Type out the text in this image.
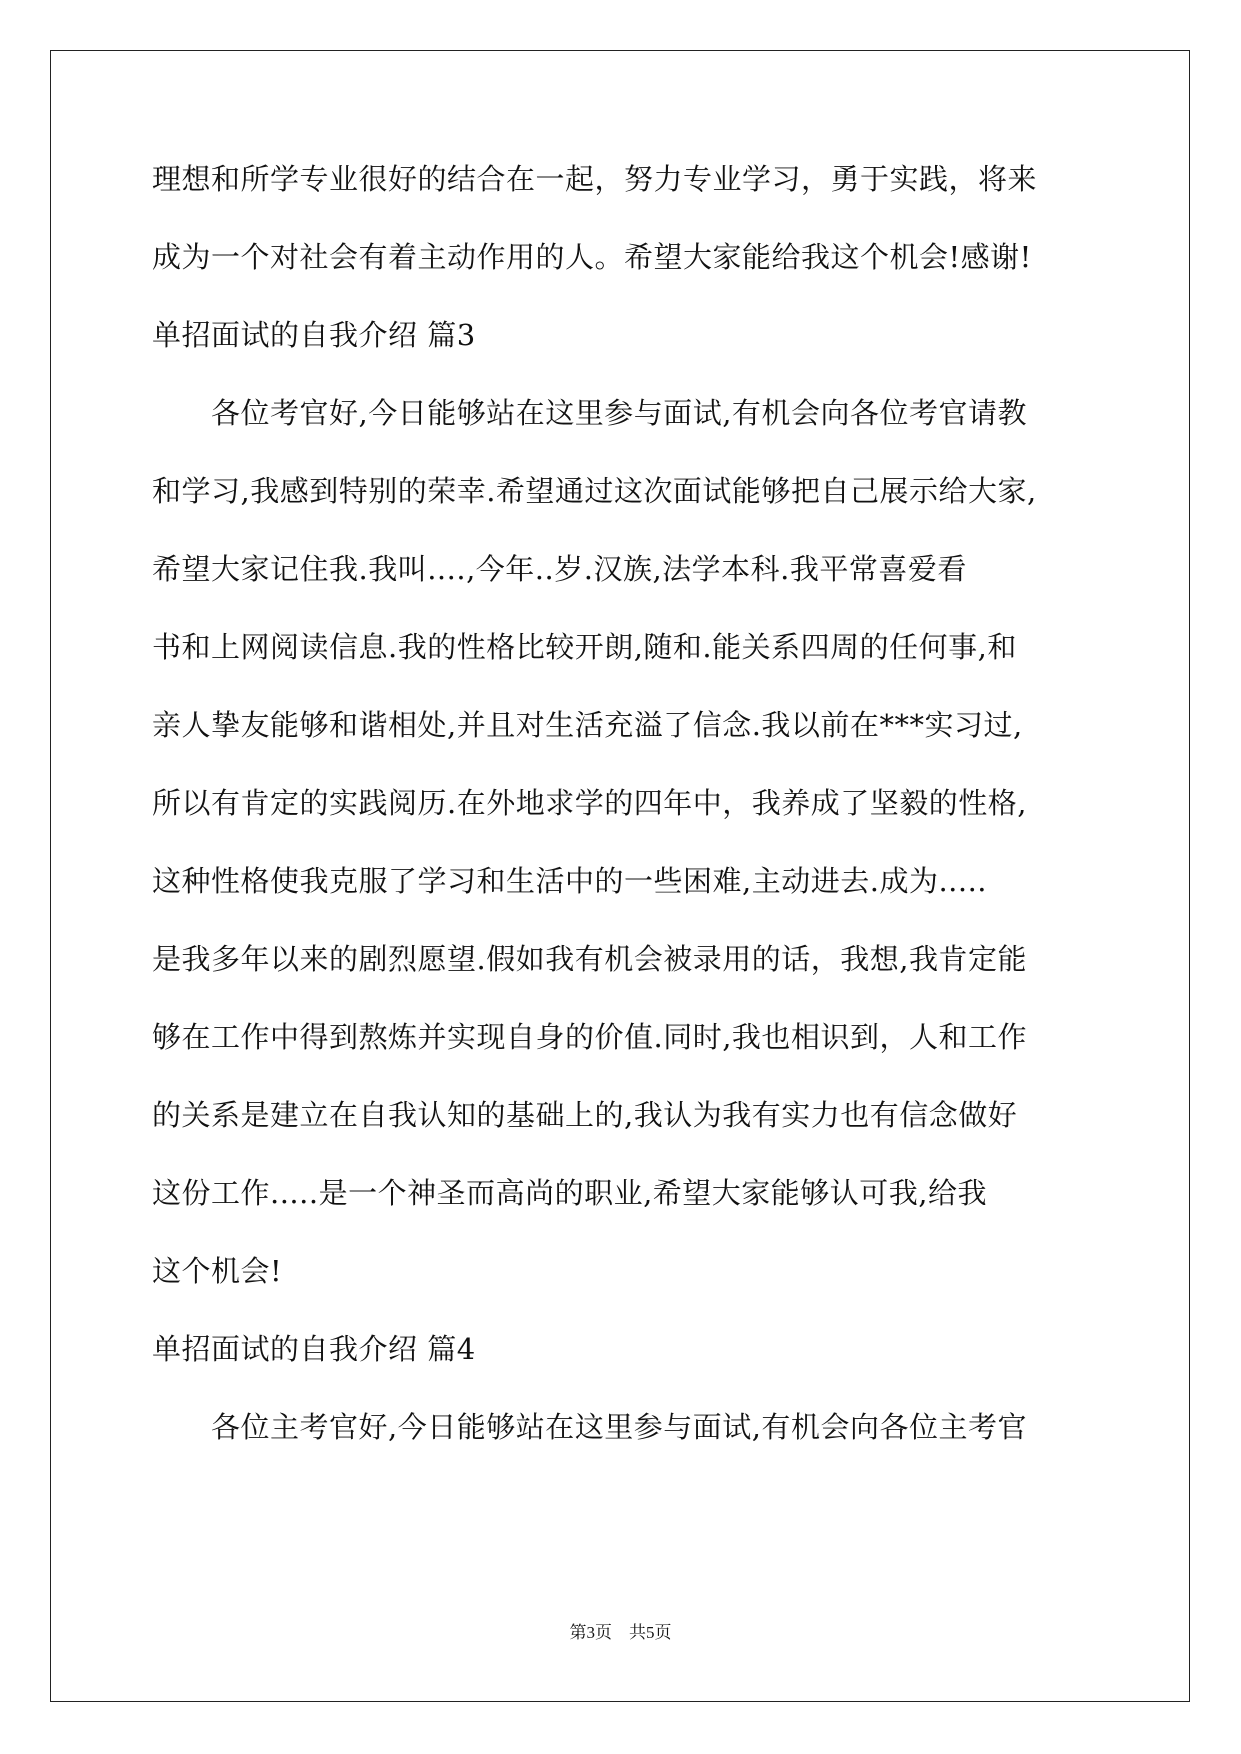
理想和所学专业很好的结合在一起，努力专业学习，勇于实践，将来
成为一个对社会有着主动作用的人。希望大家能给我这个机会!感谢!
单招面试的自我介绍 篇3
　　各位考官好,今日能够站在这里参与面试,有机会向各位考官请教
和学习,我感到特别的荣幸.希望通过这次面试能够把自己展示给大家,
希望大家记住我.我叫....,今年..岁.汉族,法学本科.我平常喜爱看
书和上网阅读信息.我的性格比较开朗,随和.能关系四周的任何事,和
亲人挚友能够和谐相处,并且对生活充溢了信念.我以前在***实习过,
所以有肯定的实践阅历.在外地求学的四年中，我养成了坚毅的性格,
这种性格使我克服了学习和生活中的一些困难,主动进去.成为.....
是我多年以来的剧烈愿望.假如我有机会被录用的话，我想,我肯定能
够在工作中得到熬炼并实现自身的价值.同时,我也相识到，人和工作
的关系是建立在自我认知的基础上的,我认为我有实力也有信念做好
这份工作.....是一个神圣而高尚的职业,希望大家能够认可我,给我
这个机会!
单招面试的自我介绍 篇4
　　各位主考官好,今日能够站在这里参与面试,有机会向各位主考官
第3页　共5页
